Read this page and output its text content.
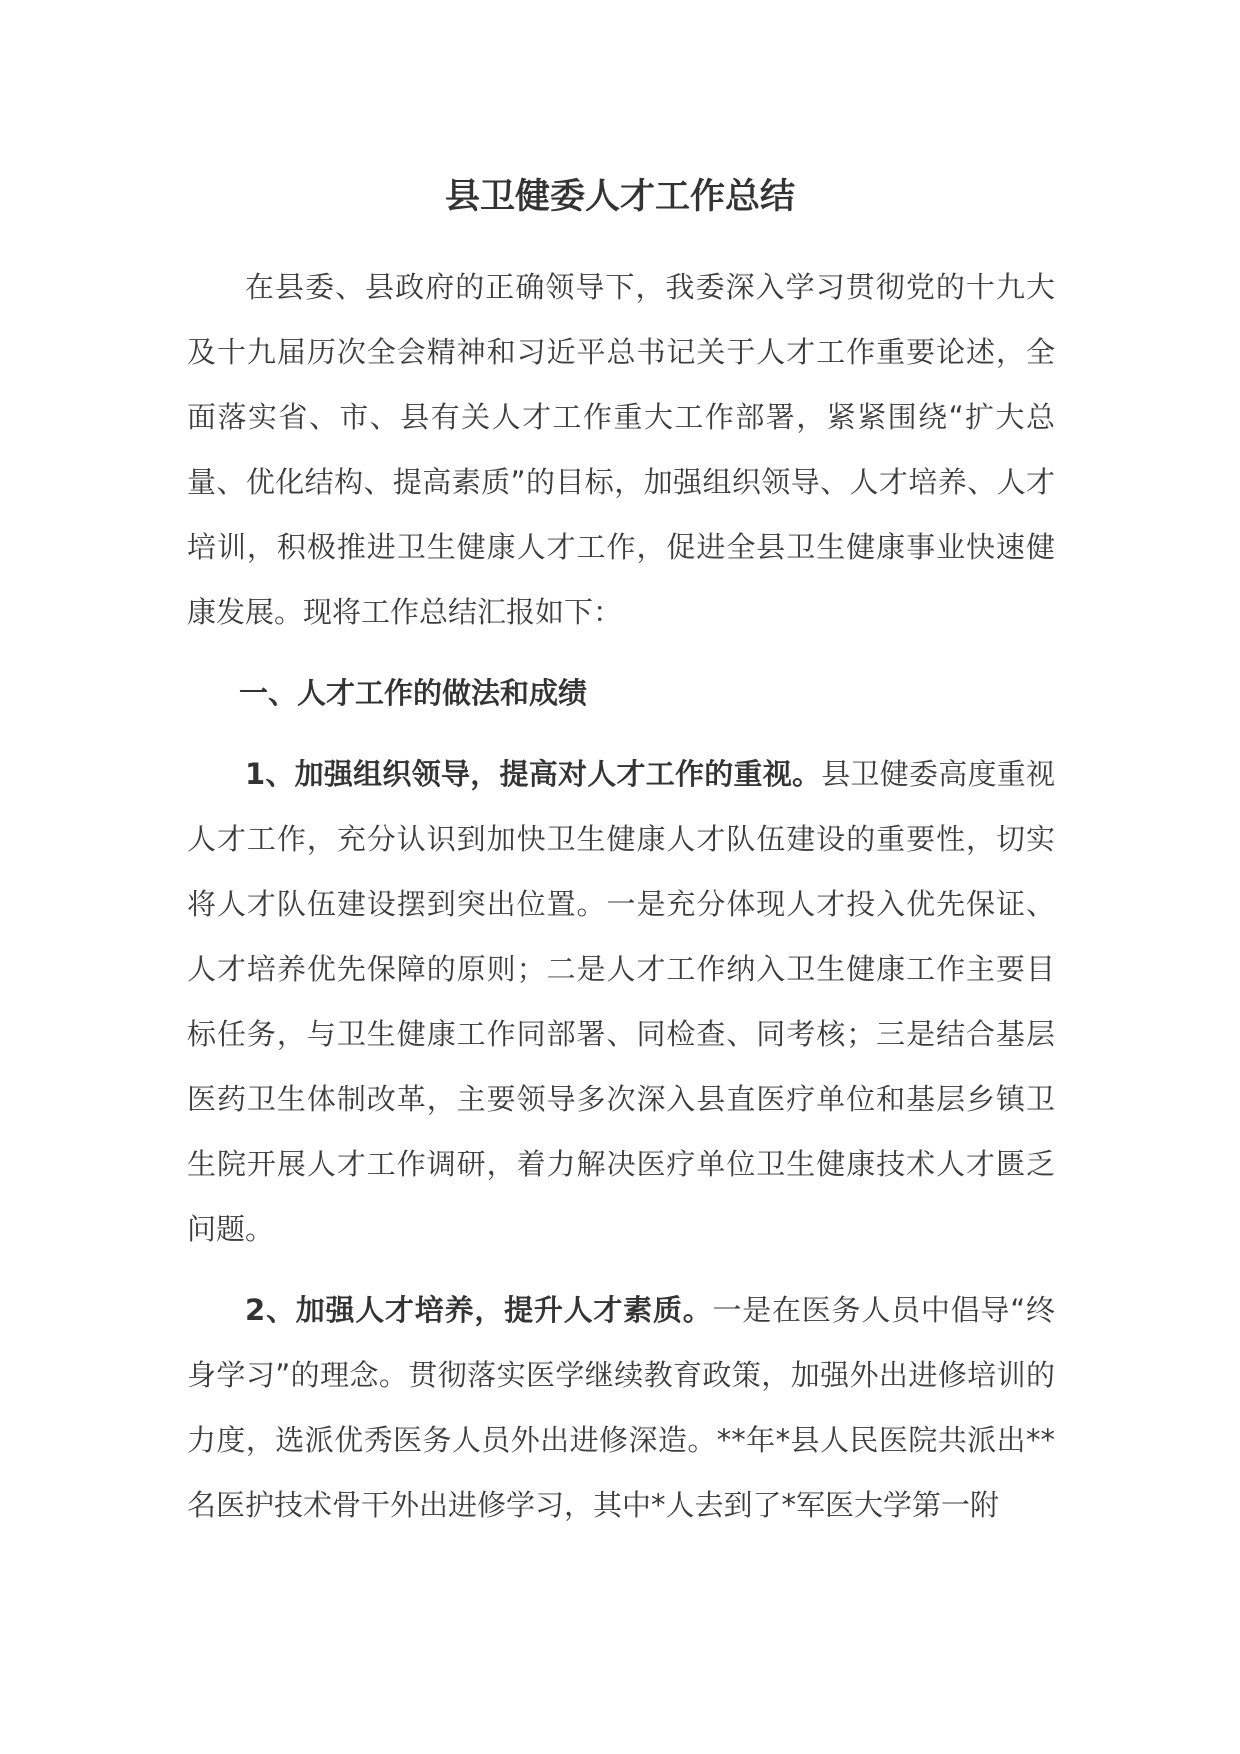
县卫健委人才工作总结

在县委、县政府的正确领导下，我委深入学习贯彻党的十九大及十九届历次全会精神和习近平总书记关于人才工作重要论述，全面落实省、市、县有关人才工作重大工作部署，紧紧围绕“扩大总量、优化结构、提高素质”的目标，加强组织领导、人才培养、人才培训，积极推进卫生健康人才工作，促进全县卫生健康事业快速健康发展。现将工作总结汇报如下：

一、人才工作的做法和成绩

1、加强组织领导，提高对人才工作的重视。县卫健委高度重视人才工作，充分认识到加快卫生健康人才队伍建设的重要性，切实将人才队伍建设摆到突出位置。一是充分体现人才投入优先保证、人才培养优先保障的原则；二是人才工作纳入卫生健康工作主要目标任务，与卫生健康工作同部署、同检查、同考核；三是结合基层医药卫生体制改革，主要领导多次深入县直医疗单位和基层乡镇卫生院开展人才工作调研，着力解决医疗单位卫生健康技术人才匮乏问题。

2、加强人才培养，提升人才素质。一是在医务人员中倡导“终身学习”的理念。贯彻落实医学继续教育政策，加强外出进修培训的力度，选派优秀医务人员外出进修深造。**年*县人民医院共派出**名医护技术骨干外出进修学习，其中*人去到了*军医大学第一附
